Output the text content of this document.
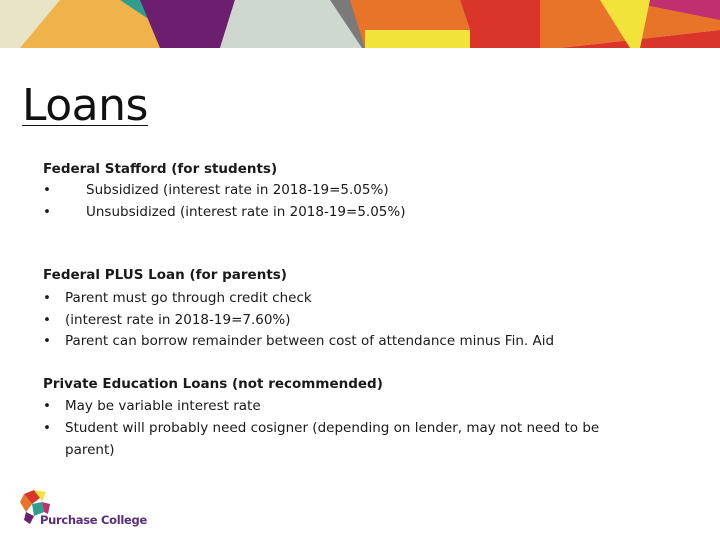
Loans
Federal Stafford (for students)
•	Subsidized (interest rate in 2018-19=5.05%)
•	Unsubsidized (interest rate in 2018-19=5.05%)
Federal PLUS Loan (for parents)
• Parent must go through credit check
• (interest rate in 2018-19=7.60%)
• Parent can borrow remainder between cost of attendance minus Fin. Aid
Private Education Loans (not recommended)
• May be variable interest rate
• Student will probably need cosigner (depending on lender, may not need to be parent)
Purchase College
